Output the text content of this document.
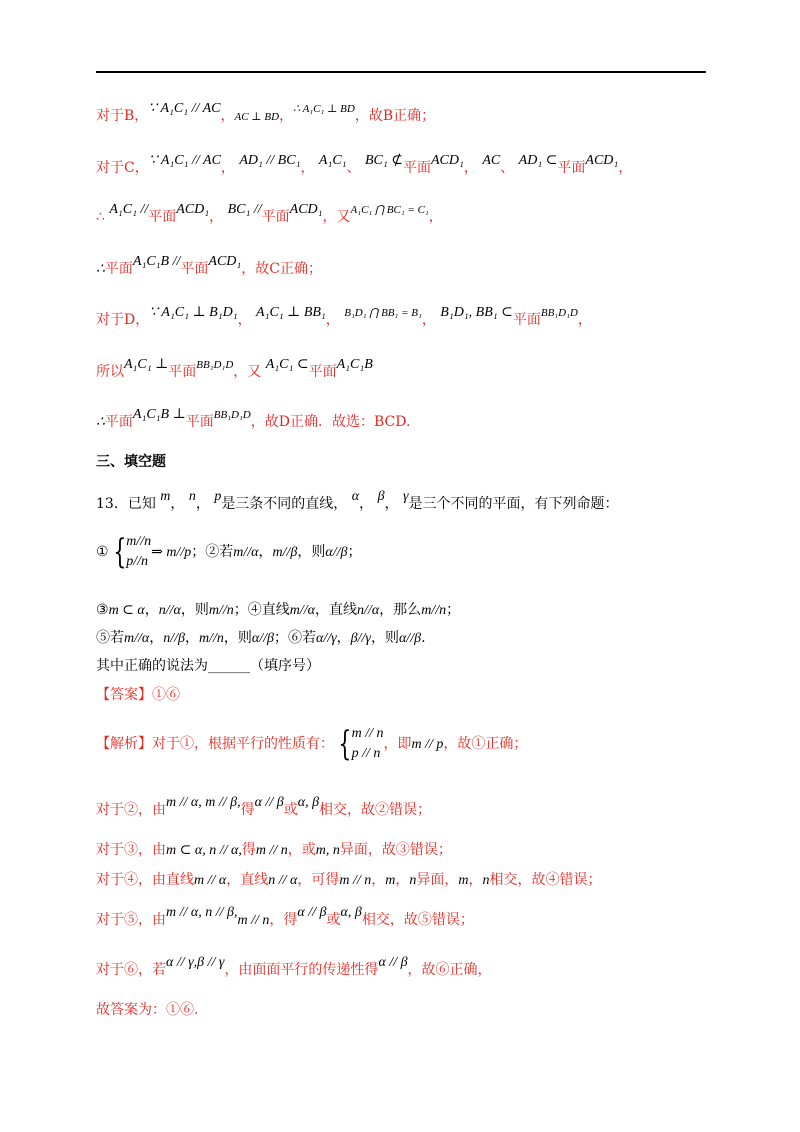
对于B，∵ A₁C₁ // AC，AC ⊥ BD，$^{\therefore A_1C_1 \perp BD}$，故B正确；
对于C，∵ A₁C₁ // AC， AD₁ // BC₁， A₁C₁、 BC₁ ⊄平面ACD₁， AC、 AD₁ ⊂平面ACD₁，
∴ A₁C₁ //平面ACD₁， BC₁ //平面ACD₁，又$^{A_1C_1 ⋂ BC_1 = C_1}$，
∴平面A₁C₁B //平面ACD₁，故C正确；
对于D，∵ A₁C₁ ⊥ B₁D₁， A₁C₁ ⊥ BB₁， $^{B_1D_1 ⋂ BB_1 = B_1}$， B₁D₁, BB₁ ⊂平面$^{BB_1D_1D}$，
所以A₁C₁ ⊥平面$^{BB_1D_1D}$，又 A₁C₁ ⊂平面A₁C₁B
∴平面A₁C₁B ⊥平面$^{BB_1D_1D}$，故D正确．故选：BCD.
三、填空题
13．已知 m， n， p是三条不同的直线， α， β， γ是三个不同的平面，有下列命题：
① { m//n
p//n
⇒ m//p；②若m//α，m//β，则α//β；
③m ⊂ α，n//α，则m//n；④直线m//α，直线n//α，那么m//n；
⑤若m//α，n//β，m//n，则α//β；⑥若α//γ，β//γ，则α//β.
其中正确的说法为______（填序号）
【答案】①⑥
【解析】对于①，根据平行的性质有： { m // n
p // n
，即m // p，故①正确；
对于②，由m // α, m // β,得α // β或α, β相交，故②错误；
对于③，由m ⊂ α, n // α,得m // n，或m, n异面，故③错误；
对于④，由直线m // α，直线n // α，可得m // n，m，n异面，m，n相交，故④错误；
对于⑤，由m // α, n // β,m // n，得α // β或α, β相交，故⑤错误；
对于⑥，若α // γ,β // γ，由面面平行的传递性得α // β，故⑥正确，
故答案为：①⑥.
